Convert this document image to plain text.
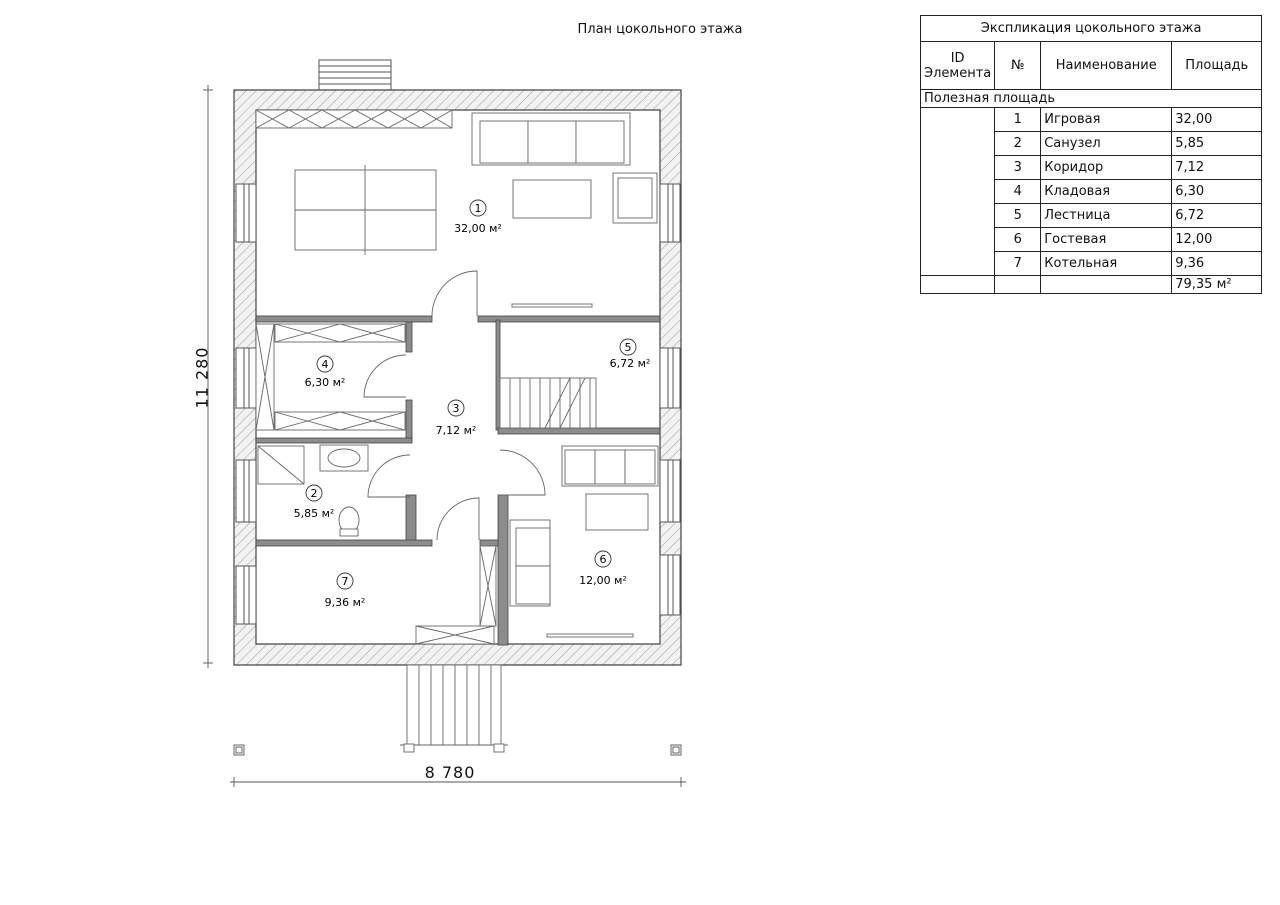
1
32,00 м²
2
5,85 м²
3
7,12 м²
4
6,30 м²
5
6,72 м²
6
12,00 м²
7
9,36 м²
План цокольного этажа
8 780
11 280
Экспликация цокольного этажа			
ID Элемента	№	Наименование	Площадь
Полезная площадь			
	1	Игровая	32,00
	2	Санузел	5,85
	3	Коридор	7,12
	4	Кладовая	6,30
	5	Лестница	6,72
	6	Гостевая	12,00
	7	Котельная	9,36
			79,35 м²
